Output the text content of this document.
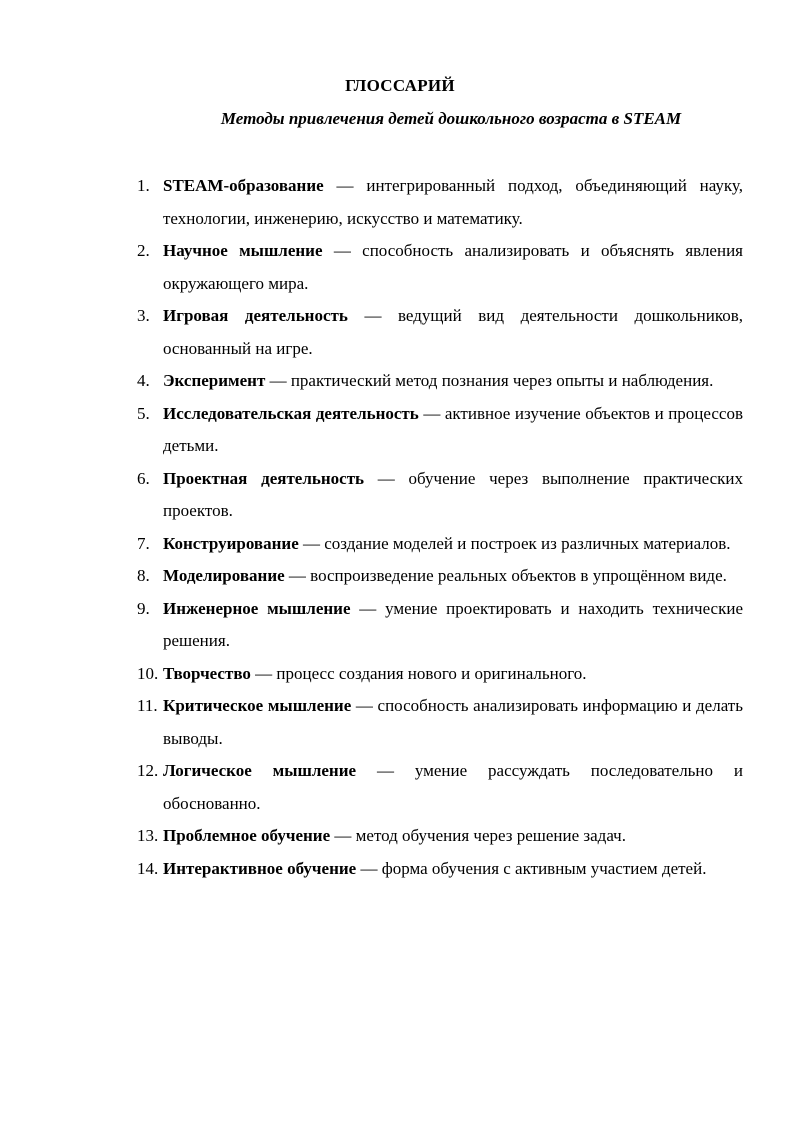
ГЛОССАРИЙ
Методы привлечения детей дошкольного возраста в STEAM
1. STEAM-образование — интегрированный подход, объединяющий науку, технологии, инженерию, искусство и математику.
2. Научное мышление — способность анализировать и объяснять явления окружающего мира.
3. Игровая деятельность — ведущий вид деятельности дошкольников, основанный на игре.
4. Эксперимент — практический метод познания через опыты и наблюдения.
5. Исследовательская деятельность — активное изучение объектов и процессов детьми.
6. Проектная деятельность — обучение через выполнение практических проектов.
7. Конструирование — создание моделей и построек из различных материалов.
8. Моделирование — воспроизведение реальных объектов в упрощённом виде.
9. Инженерное мышление — умение проектировать и находить технические решения.
10. Творчество — процесс создания нового и оригинального.
11. Критическое мышление — способность анализировать информацию и делать выводы.
12. Логическое мышление — умение рассуждать последовательно и обоснованно.
13. Проблемное обучение — метод обучения через решение задач.
14. Интерактивное обучение — форма обучения с активным участием детей.
